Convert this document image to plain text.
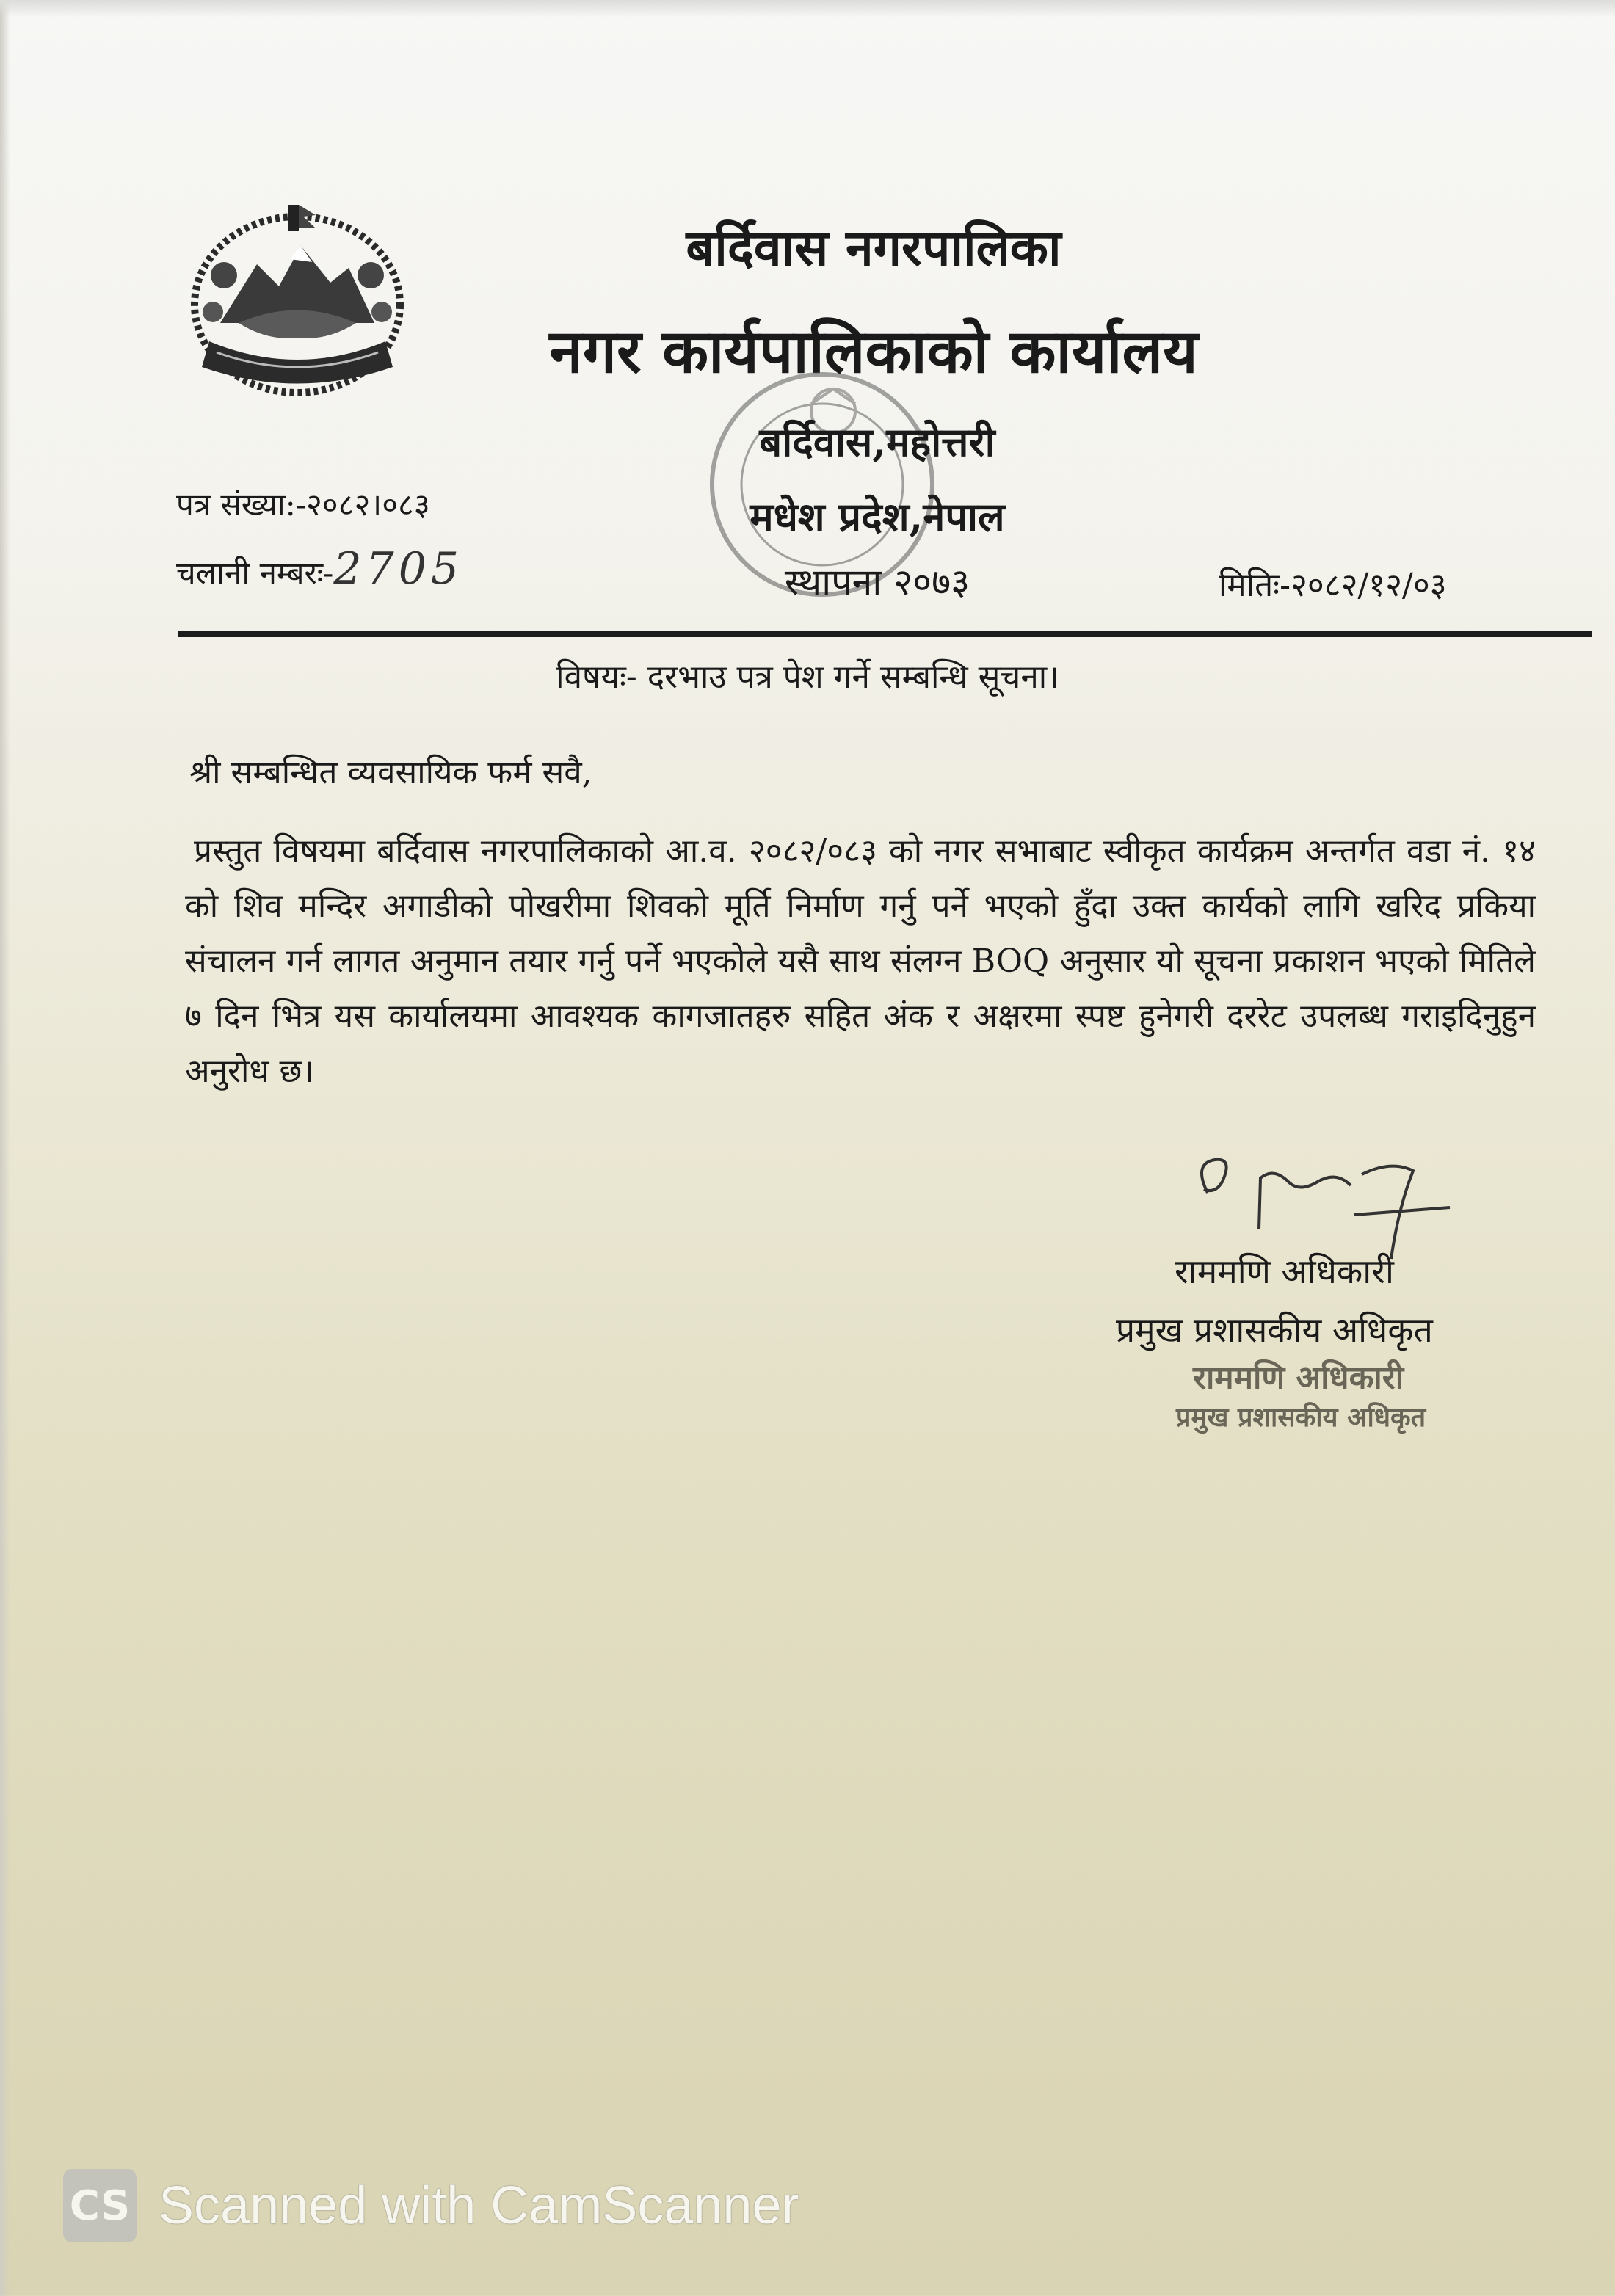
बर्दिवास नगरपालिका
नगर कार्यपालिकाको कार्यालय
बर्दिवास,महोत्तरी
मधेश प्रदेश,नेपाल
स्थापना २०७३
पत्र संख्या:-२०८२।०८३
चलानी नम्बरः-2705	मितिः-२०८२/१२/०३
विषयः- दरभाउ पत्र पेश गर्ने सम्बन्धि सूचना।
श्री सम्बन्धित व्यवसायिक फर्म सवै,
प्रस्तुत विषयमा बर्दिवास नगरपालिकाको आ.व. २०८२/०८३ को नगर सभाबाट स्वीकृत कार्यक्रम अन्तर्गत वडा नं. १४ को शिव मन्दिर अगाडीको पोखरीमा शिवको मूर्ति निर्माण गर्नु पर्ने भएको हुँदा उक्त कार्यको लागि खरिद प्रकिया संचालन गर्न लागत अनुमान तयार गर्नु पर्ने भएकोले यसै साथ संलग्न BOQ अनुसार यो सूचना प्रकाशन भएको मितिले ७ दिन भित्र यस कार्यालयमा आवश्यक कागजातहरु सहित अंक र अक्षरमा स्पष्ट हुनेगरी दररेट उपलब्ध गराइदिनुहुन अनुरोध छ।
राममणि अधिकारी
प्रमुख प्रशासकीय अधिकृत
राममणि अधिकारी
प्रमुख प्रशासकीय अधिकृत
CS Scanned with CamScanner
